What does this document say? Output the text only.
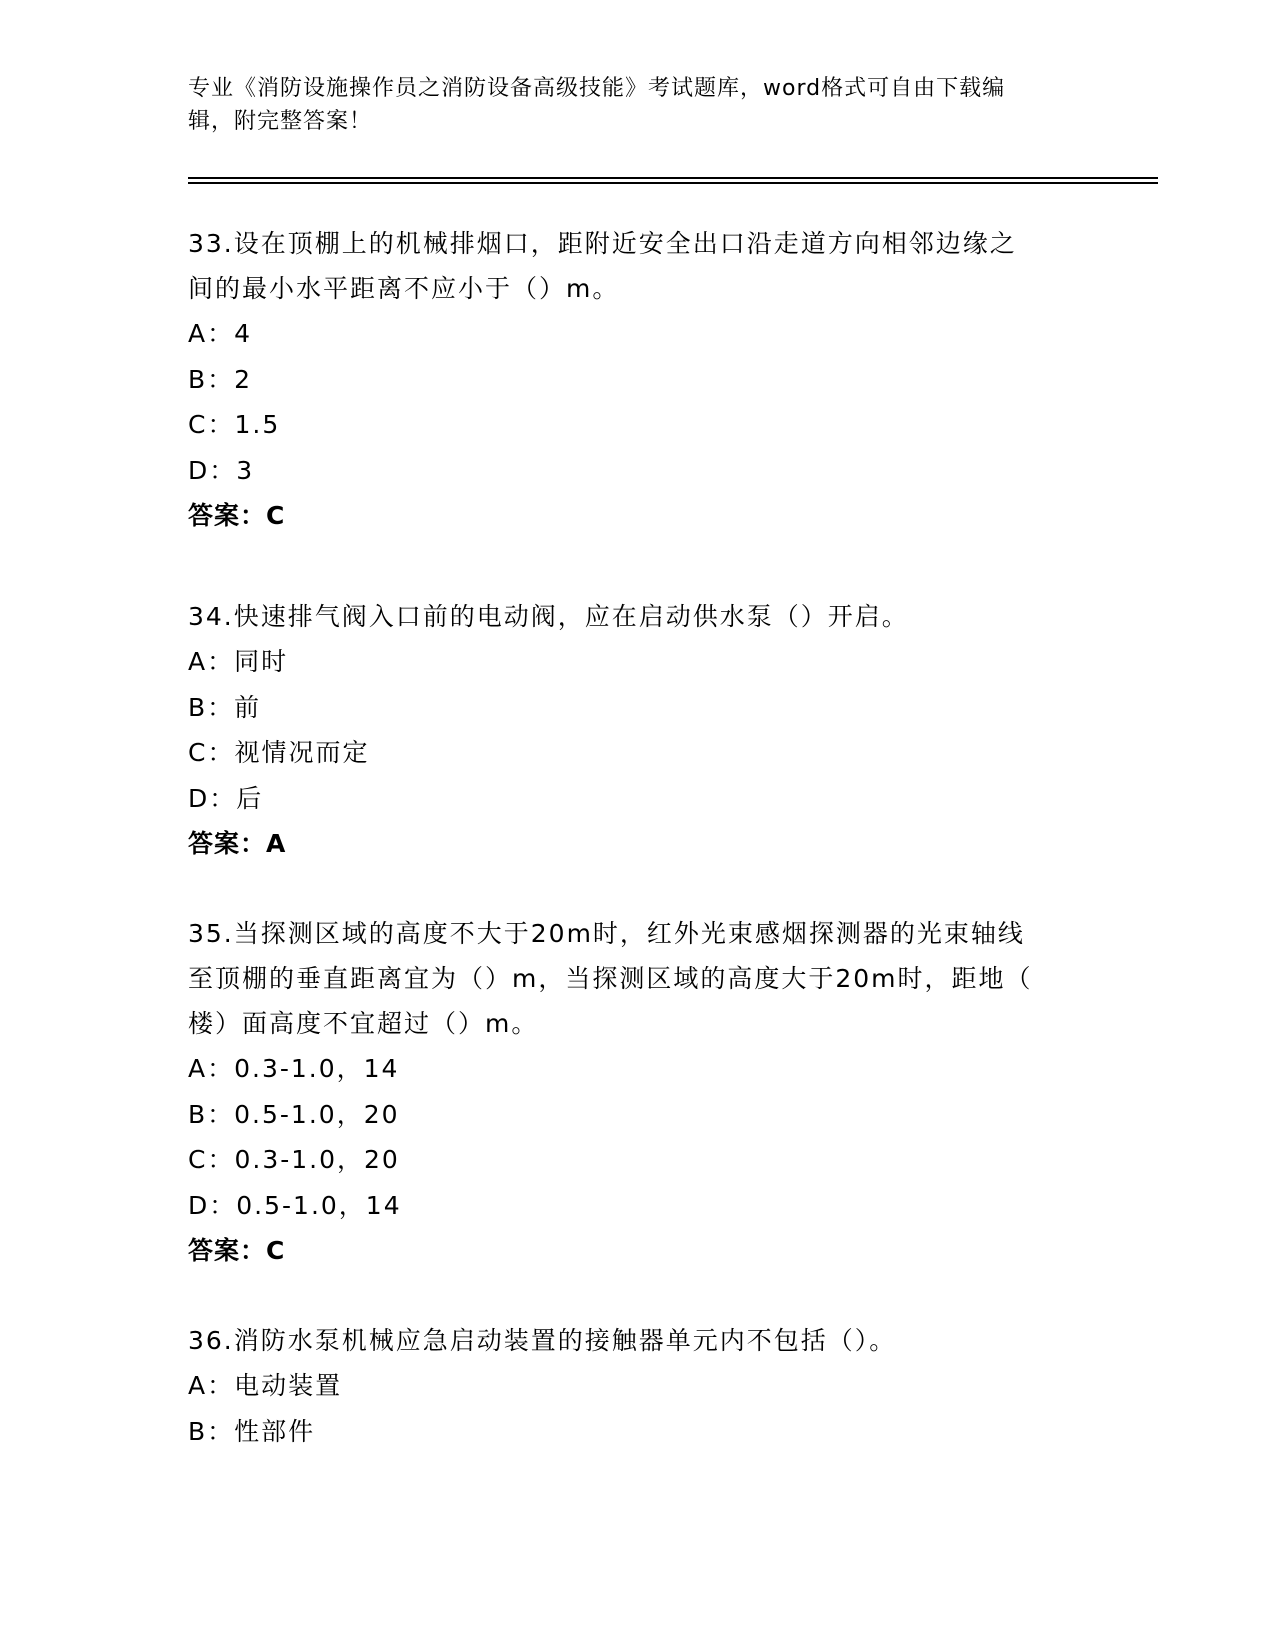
专业《消防设施操作员之消防设备高级技能》考试题库，word格式可自由下载编
辑，附完整答案！
33.设在顶棚上的机械排烟口，距附近安全出口沿走道方向相邻边缘之
间的最小水平距离不应小于（）m。
A：4
B：2
C：1.5
D：3
答案：C
34.快速排气阀入口前的电动阀，应在启动供水泵（）开启。
A：同时
B：前
C：视情况而定
D：后
答案：A
35.当探测区域的高度不大于20m时，红外光束感烟探测器的光束轴线
至顶棚的垂直距离宜为（）m，当探测区域的高度大于20m时，距地（
楼）面高度不宜超过（）m。
A：0.3-1.0，14
B：0.5-1.0，20
C：0.3-1.0，20
D：0.5-1.0，14
答案：C
36.消防水泵机械应急启动装置的接触器单元内不包括（）。
A：电动装置
B：性部件
